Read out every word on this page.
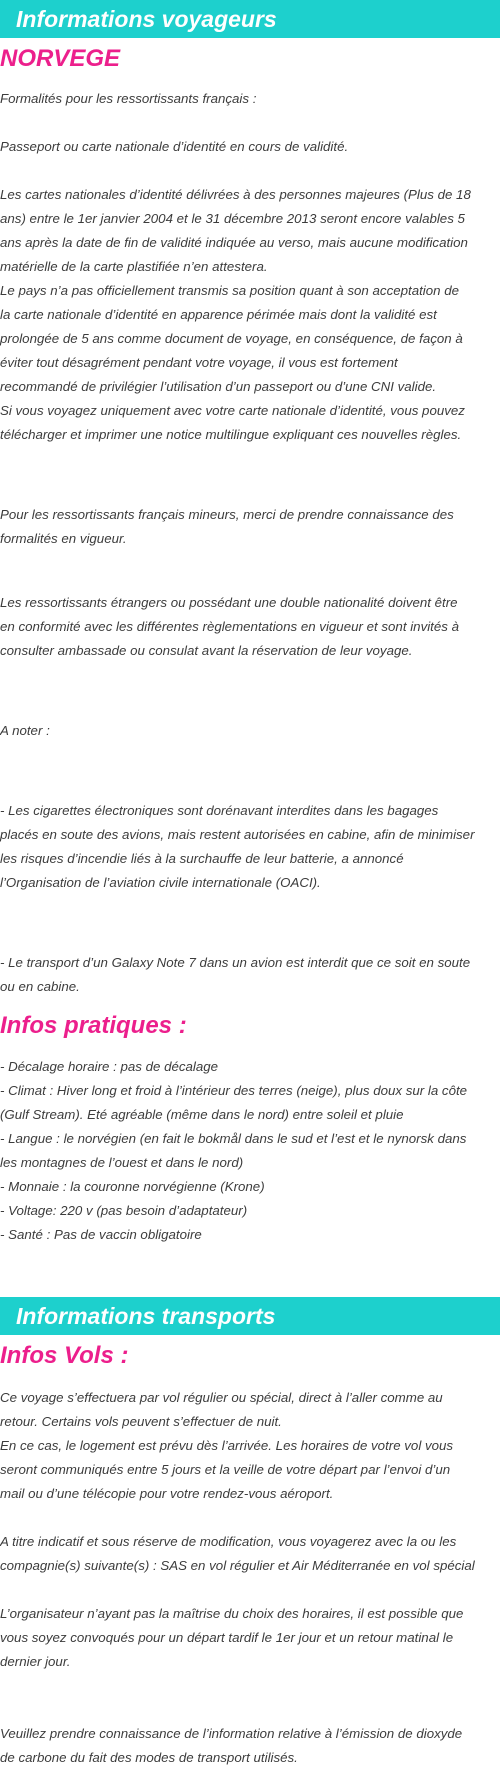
Informations voyageurs
NORVEGE

Formalités pour les ressortissants français :

Passeport ou carte nationale d’identité en cours de validité.

Les cartes nationales d’identité délivrées à des personnes majeures (Plus de 18
ans) entre le 1er janvier 2004 et le 31 décembre 2013 seront encore valables 5
ans après la date de fin de validité indiquée au verso, mais aucune modification
matérielle de la carte plastifiée n’en attestera.
Le pays n’a pas officiellement transmis sa position quant à son acceptation de
la carte nationale d’identité en apparence périmée mais dont la validité est
prolongée de 5 ans comme document de voyage, en conséquence, de façon à
éviter tout désagrément pendant votre voyage, il vous est fortement
recommandé de privilégier l’utilisation d’un passeport ou d’une CNI valide.
Si vous voyagez uniquement avec votre carte nationale d’identité, vous pouvez
télécharger et imprimer une notice multilingue expliquant ces nouvelles règles.

Pour les ressortissants français mineurs, merci de prendre connaissance des
formalités en vigueur.

Les ressortissants étrangers ou possédant une double nationalité doivent être
en conformité avec les différentes règlementations en vigueur et sont invités à
consulter ambassade ou consulat avant la réservation de leur voyage.

A noter :

- Les cigarettes électroniques sont dorénavant interdites dans les bagages
placés en soute des avions, mais restent autorisées en cabine, afin de minimiser
les risques d’incendie liés à la surchauffe de leur batterie, a annoncé
l’Organisation de l’aviation civile internationale (OACI).

- Le transport d’un Galaxy Note 7 dans un avion est interdit que ce soit en soute
ou en cabine.

Infos pratiques :

- Décalage horaire : pas de décalage
- Climat : Hiver long et froid à l’intérieur des terres (neige), plus doux sur la côte
(Gulf Stream). Eté agréable (même dans le nord) entre soleil et pluie
- Langue : le norvégien (en fait le bokmål dans le sud et l’est et le nynorsk dans
les montagnes de l’ouest et dans le nord)
- Monnaie : la couronne norvégienne (Krone)
- Voltage: 220 v (pas besoin d’adaptateur)
- Santé : Pas de vaccin obligatoire

Informations transports
Infos Vols :

Ce voyage s’effectuera par vol régulier ou spécial, direct à l’aller comme au
retour. Certains vols peuvent s’effectuer de nuit.
En ce cas, le logement est prévu dès l’arrivée. Les horaires de votre vol vous
seront communiqués entre 5 jours et la veille de votre départ par l’envoi d’un
mail ou d’une télécopie pour votre rendez-vous aéroport.

A titre indicatif et sous réserve de modification, vous voyagerez avec la ou les
compagnie(s) suivante(s) : SAS en vol régulier et Air Méditerranée en vol spécial

L’organisateur n’ayant pas la maîtrise du choix des horaires, il est possible que
vous soyez convoqués pour un départ tardif le 1er jour et un retour matinal le
dernier jour.

Veuillez prendre connaissance de l’information relative à l’émission de dioxyde
de carbone du fait des modes de transport utilisés.
